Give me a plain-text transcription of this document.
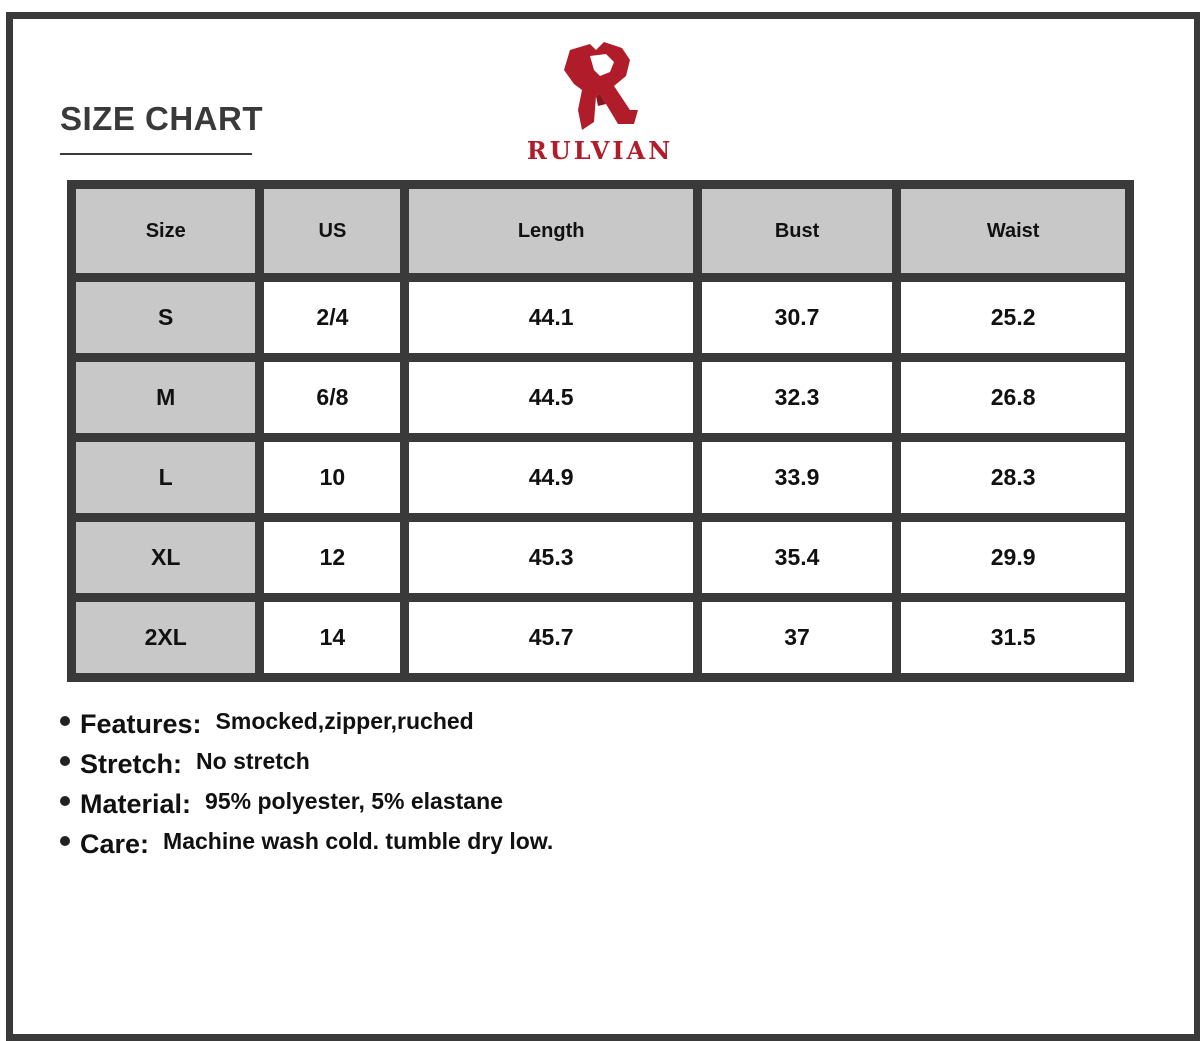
SIZE CHART
RULVIAN
Size	US	Length	Bust	Waist
S	2/4	44.1	30.7	25.2
M	6/8	44.5	32.3	26.8
L	10	44.9	33.9	28.3
XL	12	45.3	35.4	29.9
2XL	14	45.7	37	31.5
Features: Smocked,zipper,ruched
Stretch: No stretch
Material: 95% polyester, 5% elastane
Care: Machine wash cold. tumble dry low.
